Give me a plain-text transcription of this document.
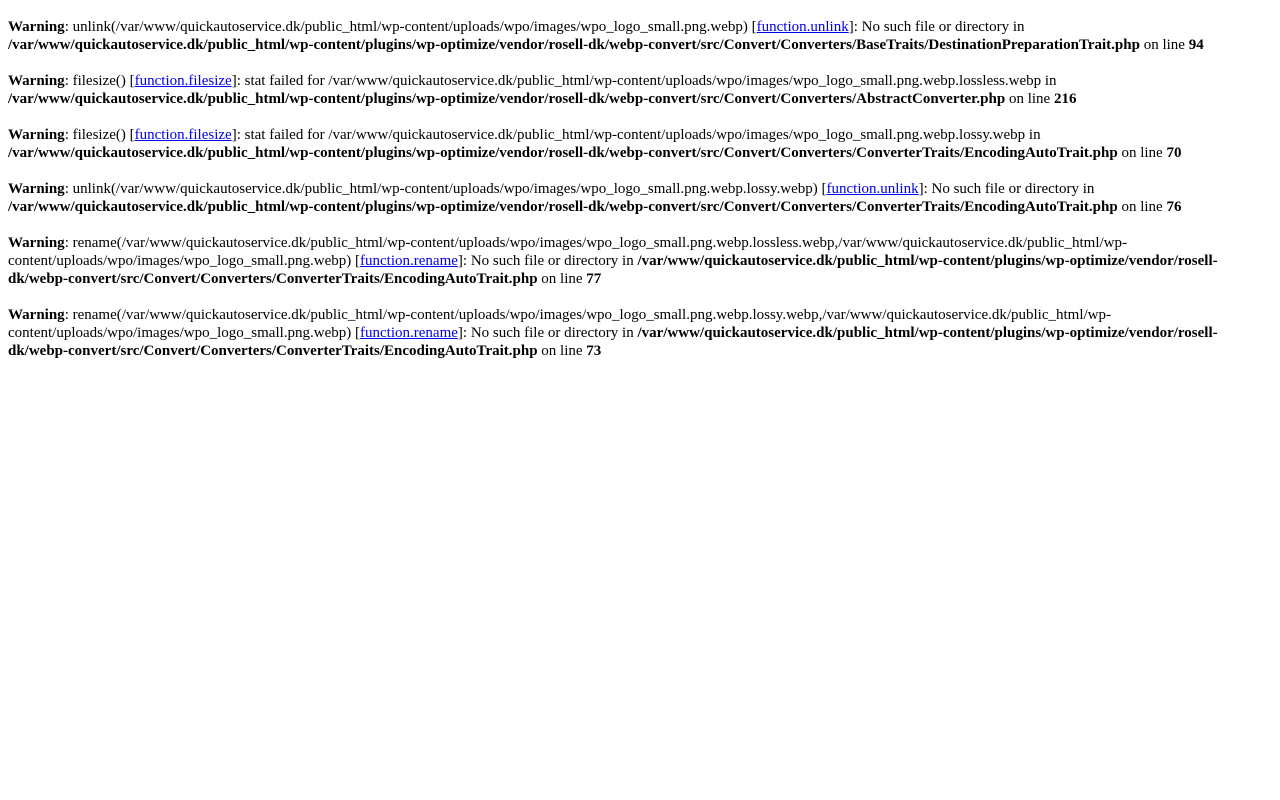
Warning: unlink(/var/www/quickautoservice.dk/public_html/wp-content/uploads/wpo/images/wpo_logo_small.png.webp) [function.unlink]: No such file or directory in /var/www/quickautoservice.dk/public_html/wp-content/plugins/wp-optimize/vendor/rosell-dk/webp-convert/src/Convert/Converters/BaseTraits/DestinationPreparationTrait.php on line 94
Warning: filesize() [function.filesize]: stat failed for /var/www/quickautoservice.dk/public_html/wp-content/uploads/wpo/images/wpo_logo_small.png.webp.lossless.webp in /var/www/quickautoservice.dk/public_html/wp-content/plugins/wp-optimize/vendor/rosell-dk/webp-convert/src/Convert/Converters/AbstractConverter.php on line 216
Warning: filesize() [function.filesize]: stat failed for /var/www/quickautoservice.dk/public_html/wp-content/uploads/wpo/images/wpo_logo_small.png.webp.lossy.webp in /var/www/quickautoservice.dk/public_html/wp-content/plugins/wp-optimize/vendor/rosell-dk/webp-convert/src/Convert/Converters/ConverterTraits/EncodingAutoTrait.php on line 70
Warning: unlink(/var/www/quickautoservice.dk/public_html/wp-content/uploads/wpo/images/wpo_logo_small.png.webp.lossy.webp) [function.unlink]: No such file or directory in /var/www/quickautoservice.dk/public_html/wp-content/plugins/wp-optimize/vendor/rosell-dk/webp-convert/src/Convert/Converters/ConverterTraits/EncodingAutoTrait.php on line 76
Warning: rename(/var/www/quickautoservice.dk/public_html/wp-content/uploads/wpo/images/wpo_logo_small.png.webp.lossless.webp,/var/www/quickautoservice.dk/public_html/wp-content/uploads/wpo/images/wpo_logo_small.png.webp) [function.rename]: No such file or directory in /var/www/quickautoservice.dk/public_html/wp-content/plugins/wp-optimize/vendor/rosell-dk/webp-convert/src/Convert/Converters/ConverterTraits/EncodingAutoTrait.php on line 77
Warning: rename(/var/www/quickautoservice.dk/public_html/wp-content/uploads/wpo/images/wpo_logo_small.png.webp.lossy.webp,/var/www/quickautoservice.dk/public_html/wp-content/uploads/wpo/images/wpo_logo_small.png.webp) [function.rename]: No such file or directory in /var/www/quickautoservice.dk/public_html/wp-content/plugins/wp-optimize/vendor/rosell-dk/webp-convert/src/Convert/Converters/ConverterTraits/EncodingAutoTrait.php on line 73
